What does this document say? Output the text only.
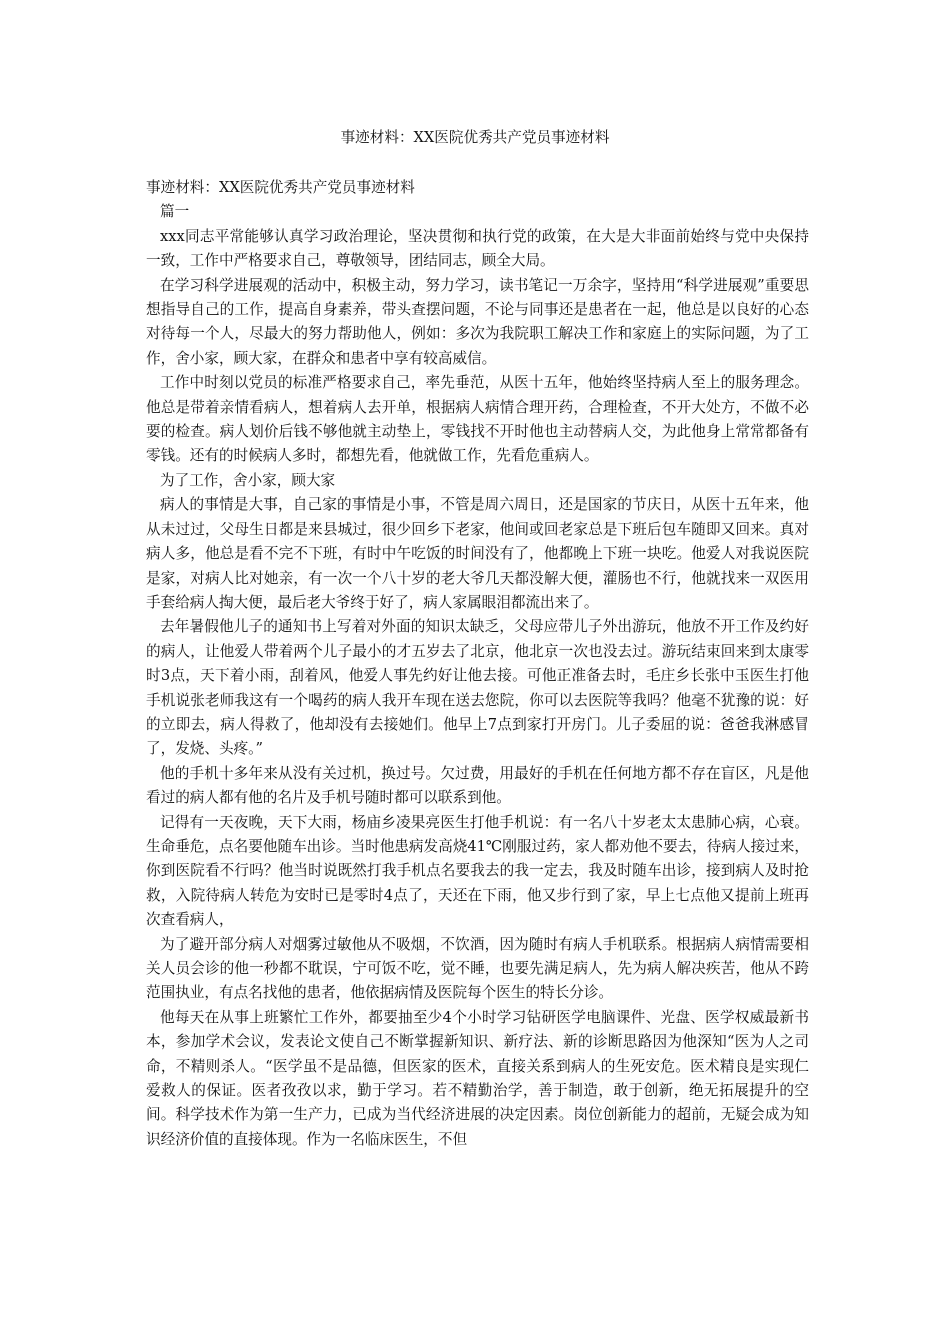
事迹材料：XX医院优秀共产党员事迹材料

事迹材料：XX医院优秀共产党员事迹材料

篇一

xxx同志平常能够认真学习政治理论，坚决贯彻和执行党的政策，在大是大非面前始终与党中央保持一致，工作中严格要求自己，尊敬领导，团结同志，顾全大局。

在学习科学进展观的活动中，积极主动，努力学习，读书笔记一万余字，坚持用“科学进展观”重要思想指导自己的工作，提高自身素养，带头查摆问题，不论与同事还是患者在一起，他总是以良好的心态对待每一个人，尽最大的努力帮助他人，例如：多次为我院职工解决工作和家庭上的实际问题，为了工作，舍小家，顾大家，在群众和患者中享有较高威信。

工作中时刻以党员的标准严格要求自己，率先垂范，从医十五年，他始终坚持病人至上的服务理念。他总是带着亲情看病人，想着病人去开单，根据病人病情合理开药，合理检查，不开大处方，不做不必要的检查。病人划价后钱不够他就主动垫上，零钱找不开时他也主动替病人交，为此他身上常常都备有零钱。还有的时候病人多时，都想先看，他就做工作，先看危重病人。

为了工作，舍小家，顾大家

病人的事情是大事，自己家的事情是小事，不管是周六周日，还是国家的节庆日，从医十五年来，他从未过过，父母生日都是来县城过，很少回乡下老家，他间或回老家总是下班后包车随即又回来。真对病人多，他总是看不完不下班，有时中午吃饭的时间没有了，他都晚上下班一块吃。他爱人对我说医院是家，对病人比对她亲，有一次一个八十岁的老大爷几天都没解大便，灌肠也不行，他就找来一双医用手套给病人掏大便，最后老大爷终于好了，病人家属眼泪都流出来了。

去年暑假他儿子的通知书上写着对外面的知识太缺乏，父母应带儿子外出游玩，他放不开工作及约好的病人，让他爱人带着两个儿子最小的才五岁去了北京，他北京一次也没去过。游玩结束回来到太康零时3点，天下着小雨，刮着风，他爱人事先约好让他去接。可他正准备去时，毛庄乡长张中玉医生打他手机说张老师我这有一个喝药的病人我开车现在送去您院，你可以去医院等我吗？他毫不犹豫的说：好的立即去，病人得救了，他却没有去接她们。他早上7点到家打开房门。儿子委屈的说：爸爸我淋感冒了，发烧、头疼。”

他的手机十多年来从没有关过机，换过号。欠过费，用最好的手机在任何地方都不存在盲区，凡是他看过的病人都有他的名片及手机号随时都可以联系到他。

记得有一天夜晚，天下大雨，杨庙乡凌果亮医生打他手机说：有一名八十岁老太太患肺心病，心衰。生命垂危，点名要他随车出诊。当时他患病发高烧41℃刚服过药，家人都劝他不要去，待病人接过来，你到医院看不行吗？他当时说既然打我手机点名要我去的我一定去，我及时随车出诊，接到病人及时抢救，入院待病人转危为安时已是零时4点了，天还在下雨，他又步行到了家，早上七点他又提前上班再次查看病人，

为了避开部分病人对烟雾过敏他从不吸烟，不饮酒，因为随时有病人手机联系。根据病人病情需要相关人员会诊的他一秒都不耽误，宁可饭不吃，觉不睡，也要先满足病人，先为病人解决疾苦，他从不跨范围执业，有点名找他的患者，他依据病情及医院每个医生的特长分诊。

他每天在从事上班繁忙工作外，都要抽至少4个小时学习钻研医学电脑课件、光盘、医学权威最新书本，参加学术会议，发表论文使自己不断掌握新知识、新疗法、新的诊断思路因为他深知“医为人之司命，不精则杀人。“医学虽不是品德，但医家的医术，直接关系到病人的生死安危。医术精良是实现仁爱救人的保证。医者孜孜以求，勤于学习。若不精勤治学，善于制造，敢于创新，绝无拓展提升的空间。科学技术作为第一生产力，已成为当代经济进展的决定因素。岗位创新能力的超前，无疑会成为知识经济价值的直接体现。作为一名临床医生，不但
